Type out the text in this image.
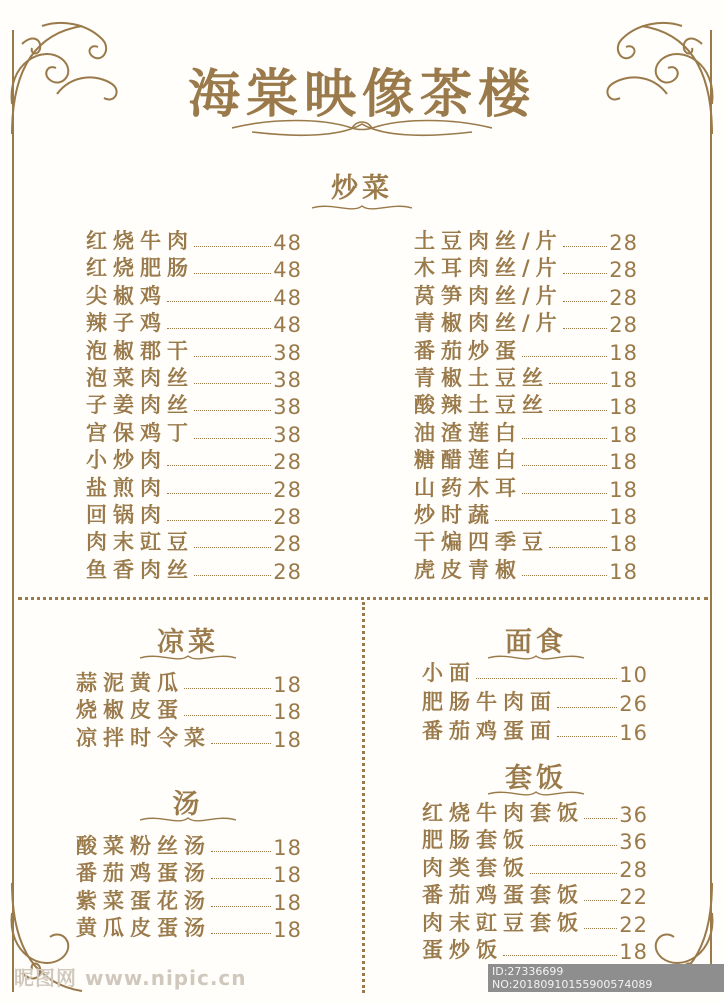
海棠映像茶楼
炒菜
红烧牛肉	48
红烧肥肠	48
尖椒鸡	48
辣子鸡	48
泡椒郡干	38
泡菜肉丝	38
子姜肉丝	38
宫保鸡丁	38
小炒肉	28
盐煎肉	28
回锅肉	28
肉末豇豆	28
鱼香肉丝	28
土豆肉丝/片 28
木耳肉丝/片 28
莴笋肉丝/片 28
青椒肉丝/片 28
番茄炒蛋	18
青椒土豆丝	18
酸辣土豆丝	18
油渣莲白	18
糖醋莲白	18
山药木耳	18
炒时蔬	18
干煸四季豆	18
虎皮青椒	18
凉菜
蒜泥黄瓜	18
烧椒皮蛋	18
凉拌时令菜	18
汤
酸菜粉丝汤	18
番茄鸡蛋汤	18
紫菜蛋花汤	18
黄瓜皮蛋汤	18
面食
小面	10
肥肠牛肉面	26
番茄鸡蛋面	16
套饭
红烧牛肉套饭 36
肥肠套饭	36
肉类套饭	28
番茄鸡蛋套饭 22
肉末豇豆套饭 22
蛋炒饭	18
昵图网 www.nipic.cn	ID:27336699 NO:20180910155900574089
